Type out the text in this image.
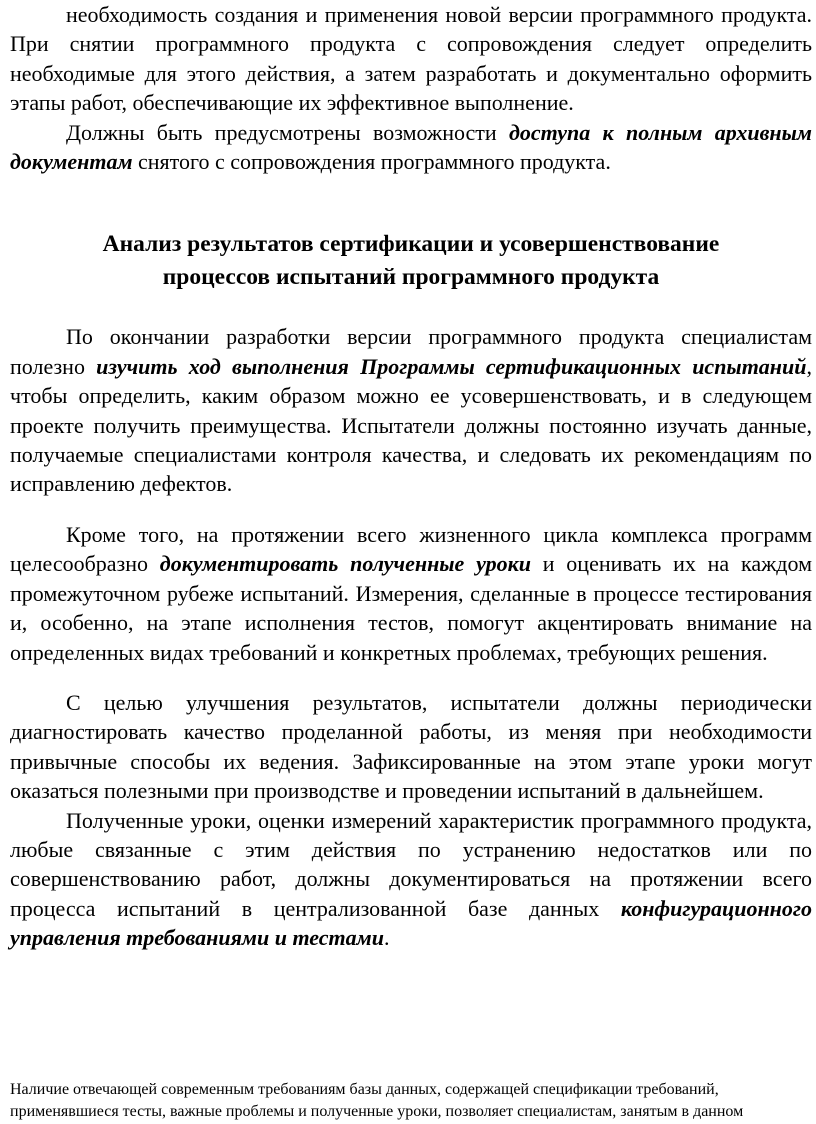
необходимость создания и применения новой версии программного продукта. При снятии программного продукта с сопровождения следует определить необходимые для этого действия, а затем разработать и документально оформить этапы работ, обеспечивающие их эффективное выполнение.

Должны быть предусмотрены возможности доступа к полным архивным документам снятого с сопровождения программного продукта.

Анализ результатов сертификации и усовершенствование
процессов испытаний программного продукта

По окончании разработки версии программного продукта специалистам полезно изучить ход выполнения Программы сертификационных испытаний, чтобы определить, каким образом можно ее усовершенствовать, и в следующем проекте получить преимущества. Испытатели должны постоянно изучать данные, получаемые специалистами контроля качества, и следовать их рекомендациям по исправлению дефектов.

Кроме того, на протяжении всего жизненного цикла комплекса программ целесообразно документировать полученные уроки и оценивать их на каждом промежуточном рубеже испытаний. Измерения, сделанные в процессе тестирования и, особенно, на этапе исполнения тестов, помогут акцентировать внимание на определенных видах требований и конкретных проблемах, требующих решения.

С целью улучшения результатов, испытатели должны периодически диагностировать качество проделанной работы, из меняя при необходимости привычные способы их ведения. Зафиксированные на этом этапе уроки могут оказаться полезными при производстве и проведении испытаний в дальнейшем.

Полученные уроки, оценки измерений характеристик программного продукта, любые связанные с этим действия по устранению недостатков или по совершенствованию работ, должны документироваться на протяжении всего процесса испытаний в централизованной базе данных конфигурационного управления требованиями и тестами.

Наличие отвечающей современным требованиям базы данных, содержащей спецификации требований, применявшиеся тесты, важные проблемы и полученные уроки, позволяет специалистам, занятым в данном
